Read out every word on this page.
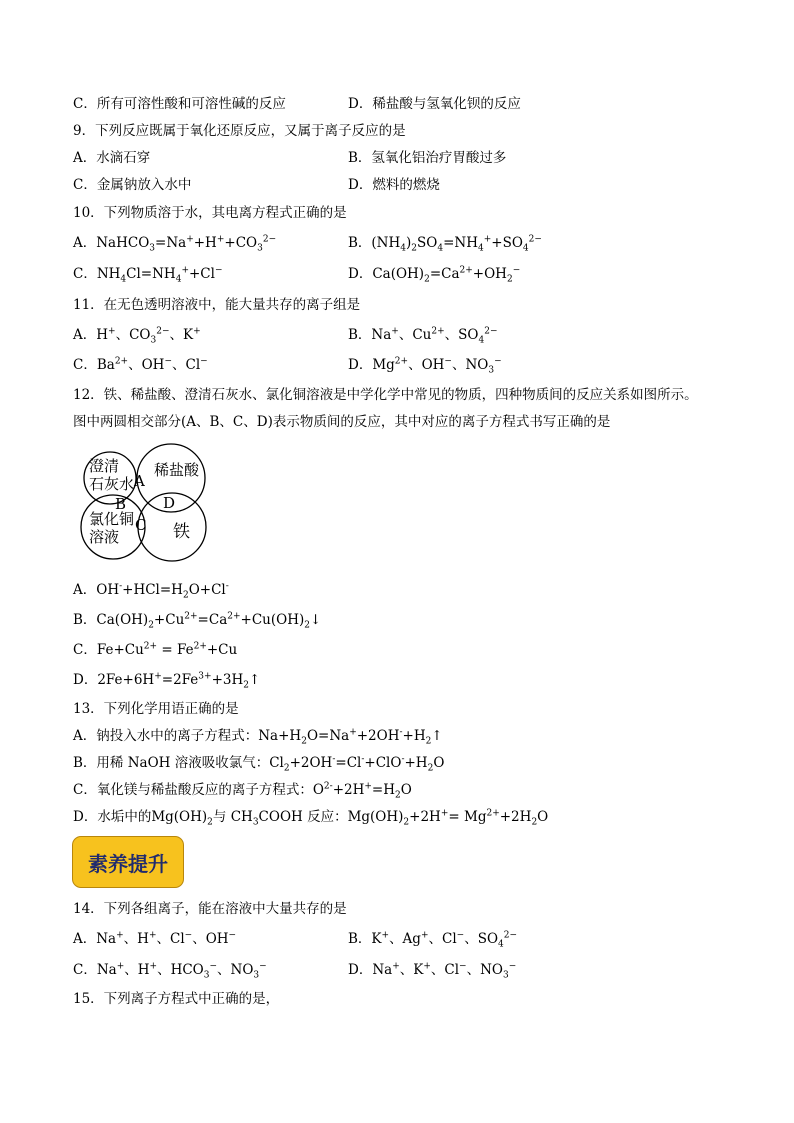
C．所有可溶性酸和可溶性碱的反应	D．稀盐酸与氢氧化钡的反应
9．下列反应既属于氧化还原反应，又属于离子反应的是
A．水滴石穿	B．氢氧化铝治疗胃酸过多
C．金属钠放入水中	D．燃料的燃烧
10．下列物质溶于水，其电离方程式正确的是
A．$NaHCO_3=Na^++H^++CO_3^{2-}$	B．$(NH_4)_2SO_4=NH_4^++SO_4^{2-}$
C．$NH_4Cl=NH_4^++Cl^-$	D．$Ca(OH)_2=Ca^{2+}+OH_2^-$
11．在无色透明溶液中，能大量共存的离子组是
A．H+、$CO_3^{2-}$、K+	B．Na+、$Cu^{2+}$、$SO_4^{2-}$
C．$Ba^{2+}$、OH−、Cl−	D．$Mg^{2+}$、OH−、$NO_3^-$
12．铁、稀盐酸、澄清石灰水、氯化铜溶液是中学化学中常见的物质，四种物质间的反应关系如图所示。
图中两圆相交部分(A、B、C、D)表示物质间的反应，其中对应的离子方程式书写正确的是
澄清
石灰水
稀盐酸
氯化铜
溶液	铁
A
B
C
D
A．$OH^-+HCl=H_2O+Cl^-$
B．$Ca(OH)_2+Cu^{2+}=Ca^{2+}+Cu(OH)_2↓$
C．$Fe+Cu^{2+} = Fe^{2+}+Cu$
D．$2Fe+6H^+=2Fe^{3+}+3H_2↑$
13．下列化学用语正确的是
A．钠投入水中的离子方程式：$Na+H_2O=Na^++2OH^-+H_2↑$
B．用稀 NaOH 溶液吸收氯气：$Cl_2+2OH^-=Cl^-+ClO^-+H_2O$
C．氧化镁与稀盐酸反应的离子方程式：$O^{2-}+2H^+=H_2O$
D．水垢中的$Mg(OH)_2$与 $CH_3COOH$ 反应：$Mg(OH)_2+2H^+= Mg^{2+}+2H_2O$
素养提升
14．下列各组离子，能在溶液中大量共存的是
A．Na+、H+、Cl−、OH−	B．K+、Ag+、Cl−、$SO_4^{2-}$
C．Na+、H+、$HCO_3^-$、$NO_3^-$	D．Na+、K+、Cl−、$NO_3^-$
15．下列离子方程式中正确的是，
